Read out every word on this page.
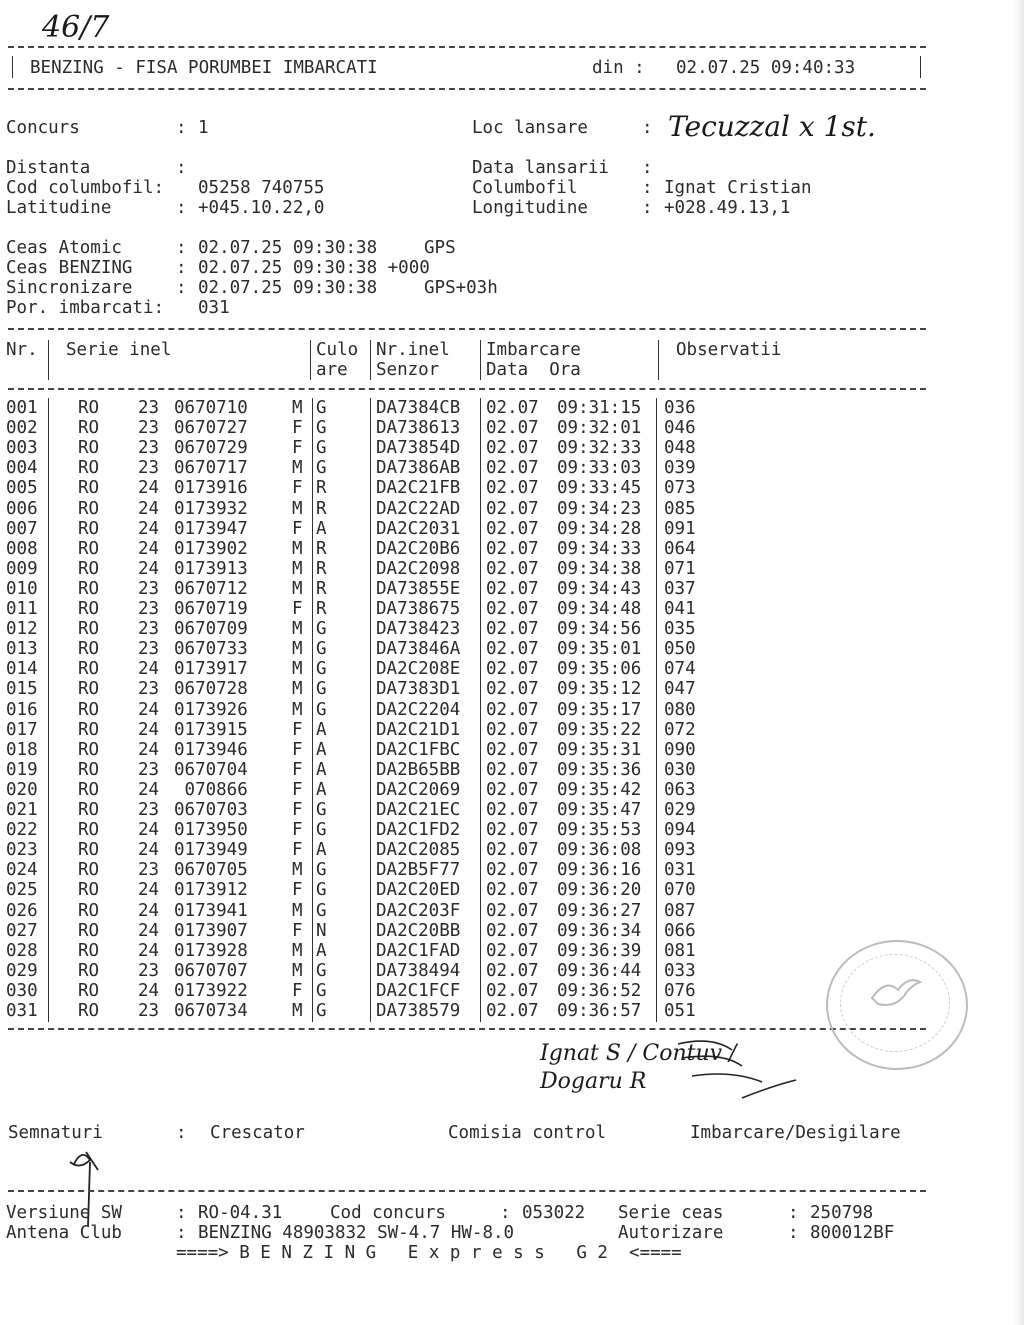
46/7
BENZING - FISA PORUMBEI IMBARCATI	din : 02.07.25 09:40:33
Concurs	: 1	Loc lansare	: Tecuzzal x 1st.
Distanta	:	Data lansarii :
Cod columbofil: 05258 740755	Columbofil	: Ignat Cristian
Latitudine	: +045.10.22,0	Longitudine	: +028.49.13,1
Ceas Atomic	: 02.07.25 09:30:38	GPS
Ceas BENZING : 02.07.25 09:30:38 +000
Sincronizare : 02.07.25 09:30:38	GPS+03h
Por. imbarcati: 031
Nr. Serie inel	Culo
are
Nr.inel
Senzor
Imbarcare
Data  Ora
Observatii
001 RO 23 0670710	M G	DA7384CB 02.07 09:31:15 036
002 RO 23 0670727	F G	DA738613 02.07 09:32:01 046
003 RO 23 0670729	F G	DA73854D 02.07 09:32:33 048
004 RO 23 0670717	M G	DA7386AB 02.07 09:33:03 039
005 RO 24 0173916	F R	DA2C21FB 02.07 09:33:45 073
006 RO 24 0173932	M R	DA2C22AD 02.07 09:34:23 085
007 RO 24 0173947	F A	DA2C2031 02.07 09:34:28 091
008 RO 24 0173902	M R	DA2C20B6 02.07 09:34:33 064
009 RO 24 0173913	M R	DA2C2098 02.07 09:34:38 071
010 RO 23 0670712	M R	DA73855E 02.07 09:34:43 037
011 RO 23 0670719	F R	DA738675 02.07 09:34:48 041
012 RO 23 0670709	M G	DA738423 02.07 09:34:56 035
013 RO 23 0670733	M G	DA73846A 02.07 09:35:01 050
014 RO 24 0173917	M G	DA2C208E 02.07 09:35:06 074
015 RO 23 0670728	M G	DA7383D1 02.07 09:35:12 047
016 RO 24 0173926	M G	DA2C2204 02.07 09:35:17 080
017 RO 24 0173915	F A	DA2C21D1 02.07 09:35:22 072
018 RO 24 0173946	F A	DA2C1FBC 02.07 09:35:31 090
019 RO 23 0670704	F A	DA2B65BB 02.07 09:35:36 030
020 RO 24 070866	F A	DA2C2069 02.07 09:35:42 063
021 RO 23 0670703	F G	DA2C21EC 02.07 09:35:47 029
022 RO 24 0173950	F G	DA2C1FD2 02.07 09:35:53 094
023 RO 24 0173949	F A	DA2C2085 02.07 09:36:08 093
024 RO 23 0670705	M G	DA2B5F77 02.07 09:36:16 031
025 RO 24 0173912	F G	DA2C20ED 02.07 09:36:20 070
026 RO 24 0173941	M G	DA2C203F 02.07 09:36:27 087
027 RO 24 0173907	F N	DA2C20BB 02.07 09:36:34 066
028 RO 24 0173928	M A	DA2C1FAD 02.07 09:36:39 081
029 RO 23 0670707	M G	DA738494 02.07 09:36:44 033
030 RO 24 0173922	F G	DA2C1FCF 02.07 09:36:52 076
031 RO 23 0670734	M G	DA738579 02.07 09:36:57 051
Ignat S / Contuv / Dogaru R
Semnaturi	: Crescator	Comisia control	Imbarcare/Desigilare
Versiune SW	: RO-04.31	Cod concurs	: 053022 Serie ceas	: 250798
Antena Club	: BENZING 48903832 SW-4.7 HW-8.0	Autorizare	: 800012BF
====> B E N Z I N G   E x p r e s s   G 2  <====
